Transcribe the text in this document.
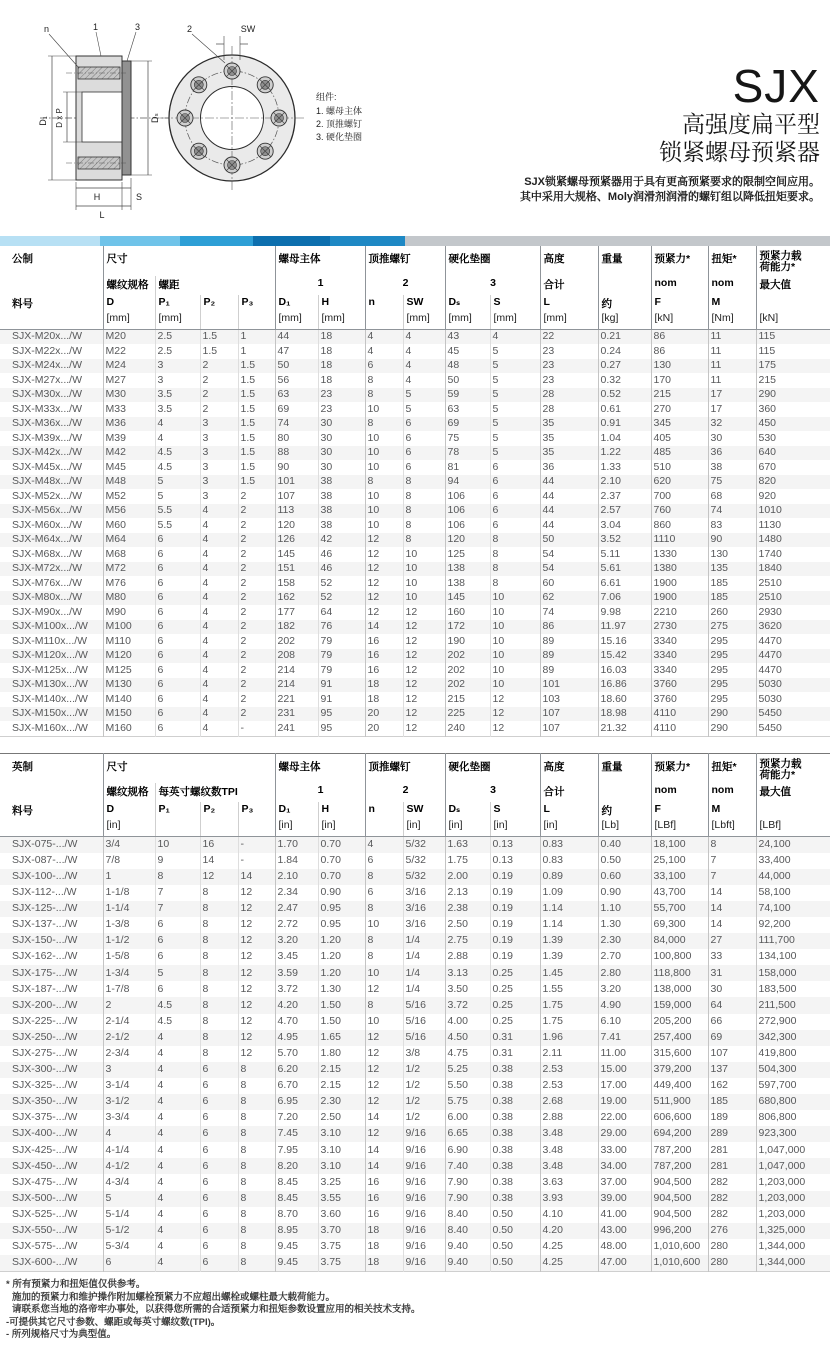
D₁ D x P	Dₛ
H	S
L
n	1	3	2	SW
组件:
1. 螺母主体
2. 顶推螺钉
3. 硬化垫圈
SJX
高强度扁平型
锁紧螺母预紧器
SJX锁紧螺母预紧器用于具有更高预紧要求的限制空间应用。
其中采用大规格、Moly润滑剂润滑的螺钉组以降低扭矩要求。
公制	尺寸				螺母主体		顶推螺钉		硬化垫圈		高度	重量	预紧力*	扭矩*	预紧力载荷能力*
	螺纹规格	螺距			1		2		3		合计		nom	nom	最大值
料号	D	P₁	P₂	P₃	D₁	H	n	SW	Dₛ	S	L	约	F	M	
	[mm]	[mm]			[mm]	[mm]		[mm]	[mm]	[mm]	[mm]	[kg]	[kN]	[Nm]	[kN]
SJX-M20x.../W	M20	2.5	1.5	1	44	18	4	4	43	4	22	0.21	86	11	115
SJX-M22x.../W	M22	2.5	1.5	1	47	18	4	4	45	5	23	0.24	86	11	115
SJX-M24x.../W	M24	3	2	1.5	50	18	6	4	48	5	23	0.27	130	11	175
SJX-M27x.../W	M27	3	2	1.5	56	18	8	4	50	5	23	0.32	170	11	215
SJX-M30x.../W	M30	3.5	2	1.5	63	23	8	5	59	5	28	0.52	215	17	290
SJX-M33x.../W	M33	3.5	2	1.5	69	23	10	5	63	5	28	0.61	270	17	360
SJX-M36x.../W	M36	4	3	1.5	74	30	8	6	69	5	35	0.91	345	32	450
SJX-M39x.../W	M39	4	3	1.5	80	30	10	6	75	5	35	1.04	405	30	530
SJX-M42x.../W	M42	4.5	3	1.5	88	30	10	6	78	5	35	1.22	485	36	640
SJX-M45x.../W	M45	4.5	3	1.5	90	30	10	6	81	6	36	1.33	510	38	670
SJX-M48x.../W	M48	5	3	1.5	101	38	8	8	94	6	44	2.10	620	75	820
SJX-M52x.../W	M52	5	3	2	107	38	10	8	106	6	44	2.37	700	68	920
SJX-M56x.../W	M56	5.5	4	2	113	38	10	8	106	6	44	2.57	760	74	1010
SJX-M60x.../W	M60	5.5	4	2	120	38	10	8	106	6	44	3.04	860	83	1130
SJX-M64x.../W	M64	6	4	2	126	42	12	8	120	8	50	3.52	1110	90	1480
SJX-M68x.../W	M68	6	4	2	145	46	12	10	125	8	54	5.11	1330	130	1740
SJX-M72x.../W	M72	6	4	2	151	46	12	10	138	8	54	5.61	1380	135	1840
SJX-M76x.../W	M76	6	4	2	158	52	12	10	138	8	60	6.61	1900	185	2510
SJX-M80x.../W	M80	6	4	2	162	52	12	10	145	10	62	7.06	1900	185	2510
SJX-M90x.../W	M90	6	4	2	177	64	12	12	160	10	74	9.98	2210	260	2930
SJX-M100x.../W	M100	6	4	2	182	76	14	12	172	10	86	11.97	2730	275	3620
SJX-M110x.../W	M110	6	4	2	202	79	16	12	190	10	89	15.16	3340	295	4470
SJX-M120x.../W	M120	6	4	2	208	79	16	12	202	10	89	15.42	3340	295	4470
SJX-M125x.../W	M125	6	4	2	214	79	16	12	202	10	89	16.03	3340	295	4470
SJX-M130x.../W	M130	6	4	2	214	91	18	12	202	10	101	16.86	3760	295	5030
SJX-M140x.../W	M140	6	4	2	221	91	18	12	215	12	103	18.60	3760	295	5030
SJX-M150x.../W	M150	6	4	2	231	95	20	12	225	12	107	18.98	4110	290	5450
SJX-M160x.../W	M160	6	4	-	241	95	20	12	240	12	107	21.32	4110	290	5450
英制	尺寸				螺母主体		顶推螺钉		硬化垫圈		高度	重量	预紧力*	扭矩*	预紧力载荷能力*
	螺纹规格	每英寸螺纹数TPI			1		2		3		合计		nom	nom	最大值
料号	D	P₁	P₂	P₃	D₁	H	n	SW	Dₛ	S	L	约	F	M	
	[in]				[in]	[in]		[in]	[in]	[in]	[in]	[Lb]	[LBf]	[Lbft]	[LBf]
SJX-075-.../W	3/4	10	16	-	1.70	0.70	4	5/32	1.63	0.13	0.83	0.40	18,100	8	24,100
SJX-087-.../W	7/8	9	14	-	1.84	0.70	6	5/32	1.75	0.13	0.83	0.50	25,100	7	33,400
SJX-100-.../W	1	8	12	14	2.10	0.70	8	5/32	2.00	0.19	0.89	0.60	33,100	7	44,000
SJX-112-.../W	1-1/8	7	8	12	2.34	0.90	6	3/16	2.13	0.19	1.09	0.90	43,700	14	58,100
SJX-125-.../W	1-1/4	7	8	12	2.47	0.95	8	3/16	2.38	0.19	1.14	1.10	55,700	14	74,100
SJX-137-.../W	1-3/8	6	8	12	2.72	0.95	10	3/16	2.50	0.19	1.14	1.30	69,300	14	92,200
SJX-150-.../W	1-1/2	6	8	12	3.20	1.20	8	1/4	2.75	0.19	1.39	2.30	84,000	27	111,700
SJX-162-.../W	1-5/8	6	8	12	3.45	1.20	8	1/4	2.88	0.19	1.39	2.70	100,800	33	134,100
SJX-175-.../W	1-3/4	5	8	12	3.59	1.20	10	1/4	3.13	0.25	1.45	2.80	118,800	31	158,000
SJX-187-.../W	1-7/8	6	8	12	3.72	1.30	12	1/4	3.50	0.25	1.55	3.20	138,000	30	183,500
SJX-200-.../W	2	4.5	8	12	4.20	1.50	8	5/16	3.72	0.25	1.75	4.90	159,000	64	211,500
SJX-225-.../W	2-1/4	4.5	8	12	4.70	1.50	10	5/16	4.00	0.25	1.75	6.10	205,200	66	272,900
SJX-250-.../W	2-1/2	4	8	12	4.95	1.65	12	5/16	4.50	0.31	1.96	7.41	257,400	69	342,300
SJX-275-.../W	2-3/4	4	8	12	5.70	1.80	12	3/8	4.75	0.31	2.11	11.00	315,600	107	419,800
SJX-300-.../W	3	4	6	8	6.20	2.15	12	1/2	5.25	0.38	2.53	15.00	379,200	137	504,300
SJX-325-.../W	3-1/4	4	6	8	6.70	2.15	12	1/2	5.50	0.38	2.53	17.00	449,400	162	597,700
SJX-350-.../W	3-1/2	4	6	8	6.95	2.30	12	1/2	5.75	0.38	2.68	19.00	511,900	185	680,800
SJX-375-.../W	3-3/4	4	6	8	7.20	2.50	14	1/2	6.00	0.38	2.88	22.00	606,600	189	806,800
SJX-400-.../W	4	4	6	8	7.45	3.10	12	9/16	6.65	0.38	3.48	29.00	694,200	289	923,300
SJX-425-.../W	4-1/4	4	6	8	7.95	3.10	14	9/16	6.90	0.38	3.48	33.00	787,200	281	1,047,000
SJX-450-.../W	4-1/2	4	6	8	8.20	3.10	14	9/16	7.40	0.38	3.48	34.00	787,200	281	1,047,000
SJX-475-.../W	4-3/4	4	6	8	8.45	3.25	16	9/16	7.90	0.38	3.63	37.00	904,500	282	1,203,000
SJX-500-.../W	5	4	6	8	8.45	3.55	16	9/16	7.90	0.38	3.93	39.00	904,500	282	1,203,000
SJX-525-.../W	5-1/4	4	6	8	8.70	3.60	16	9/16	8.40	0.50	4.10	41.00	904,500	282	1,203,000
SJX-550-.../W	5-1/2	4	6	8	8.95	3.70	18	9/16	8.40	0.50	4.20	43.00	996,200	276	1,325,000
SJX-575-.../W	5-3/4	4	6	8	9.45	3.75	18	9/16	9.40	0.50	4.25	48.00	1,010,600	280	1,344,000
SJX-600-.../W	6	4	6	8	9.45	3.75	18	9/16	9.40	0.50	4.25	47.00	1,010,600	280	1,344,000
* 所有预紧力和扭矩值仅供参考。
施加的预紧力和维护操作附加螺栓预紧力不应超出螺栓或螺柱最大载荷能力。
请联系您当地的洛帝牢办事处，以获得您所需的合适预紧力和扭矩参数设置应用的相关技术支持。
-可提供其它尺寸参数、螺距或每英寸螺纹数(TPI)。
- 所列规格尺寸为典型值。
